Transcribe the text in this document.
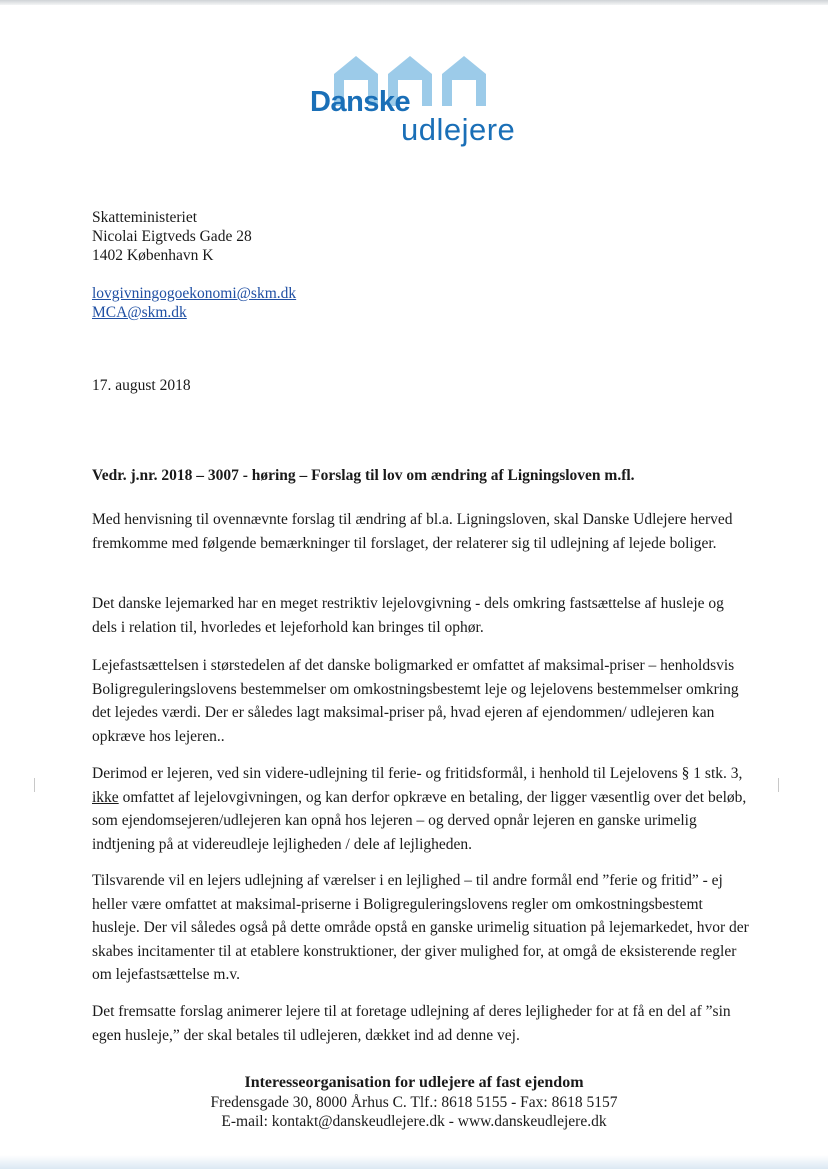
Danske
udlejere
Skatteministeriet
Nicolai Eigtveds Gade 28
1402 København K
lovgivningogoekonomi@skm.dk
MCA@skm.dk
17. august 2018
Vedr. j.nr. 2018 – 3007 - høring – Forslag til lov om ændring af Ligningsloven m.fl.
Med henvisning til ovennævnte forslag til ændring af bl.a. Ligningsloven, skal Danske Udlejere herved fremkomme med følgende bemærkninger til forslaget, der relaterer sig til udlejning af lejede boliger.
Det danske lejemarked har en meget restriktiv lejelovgivning - dels omkring fastsættelse af husleje og dels i relation til, hvorledes et lejeforhold kan bringes til ophør.
Lejefastsættelsen i størstedelen af det danske boligmarked er omfattet af maksimal-priser – henholdsvis Boligreguleringslovens bestemmelser om omkostningsbestemt leje og lejelovens bestemmelser omkring det lejedes værdi. Der er således lagt maksimal-priser på, hvad ejeren af ejendommen/ udlejeren kan opkræve hos lejeren..
Derimod er lejeren, ved sin videre-udlejning til ferie- og fritidsformål, i henhold til Lejelovens § 1 stk. 3, ikke omfattet af lejelovgivningen, og kan derfor opkræve en betaling, der ligger væsentlig over det beløb, som ejendomsejeren/udlejeren kan opnå hos lejeren – og derved opnår lejeren en ganske urimelig indtjening på at videreudleje lejligheden / dele af lejligheden.
Tilsvarende vil en lejers udlejning af værelser i en lejlighed – til andre formål end ”ferie og fritid” - ej heller være omfattet at maksimal-priserne i Boligreguleringslovens regler om omkostningsbestemt husleje. Der vil således også på dette område opstå en ganske urimelig situation på lejemarkedet, hvor der skabes incitamenter til at etablere konstruktioner, der giver mulighed for, at omgå de eksisterende regler om lejefastsættelse m.v.
Det fremsatte forslag animerer lejere til at foretage udlejning af deres lejligheder for at få en del af ”sin egen husleje,” der skal betales til udlejeren, dækket ind ad denne vej.
Interesseorganisation for udlejere af fast ejendom
Fredensgade 30, 8000 Århus C. Tlf.: 8618 5155 - Fax: 8618 5157
E-mail: kontakt@danskeudlejere.dk - www.danskeudlejere.dk
